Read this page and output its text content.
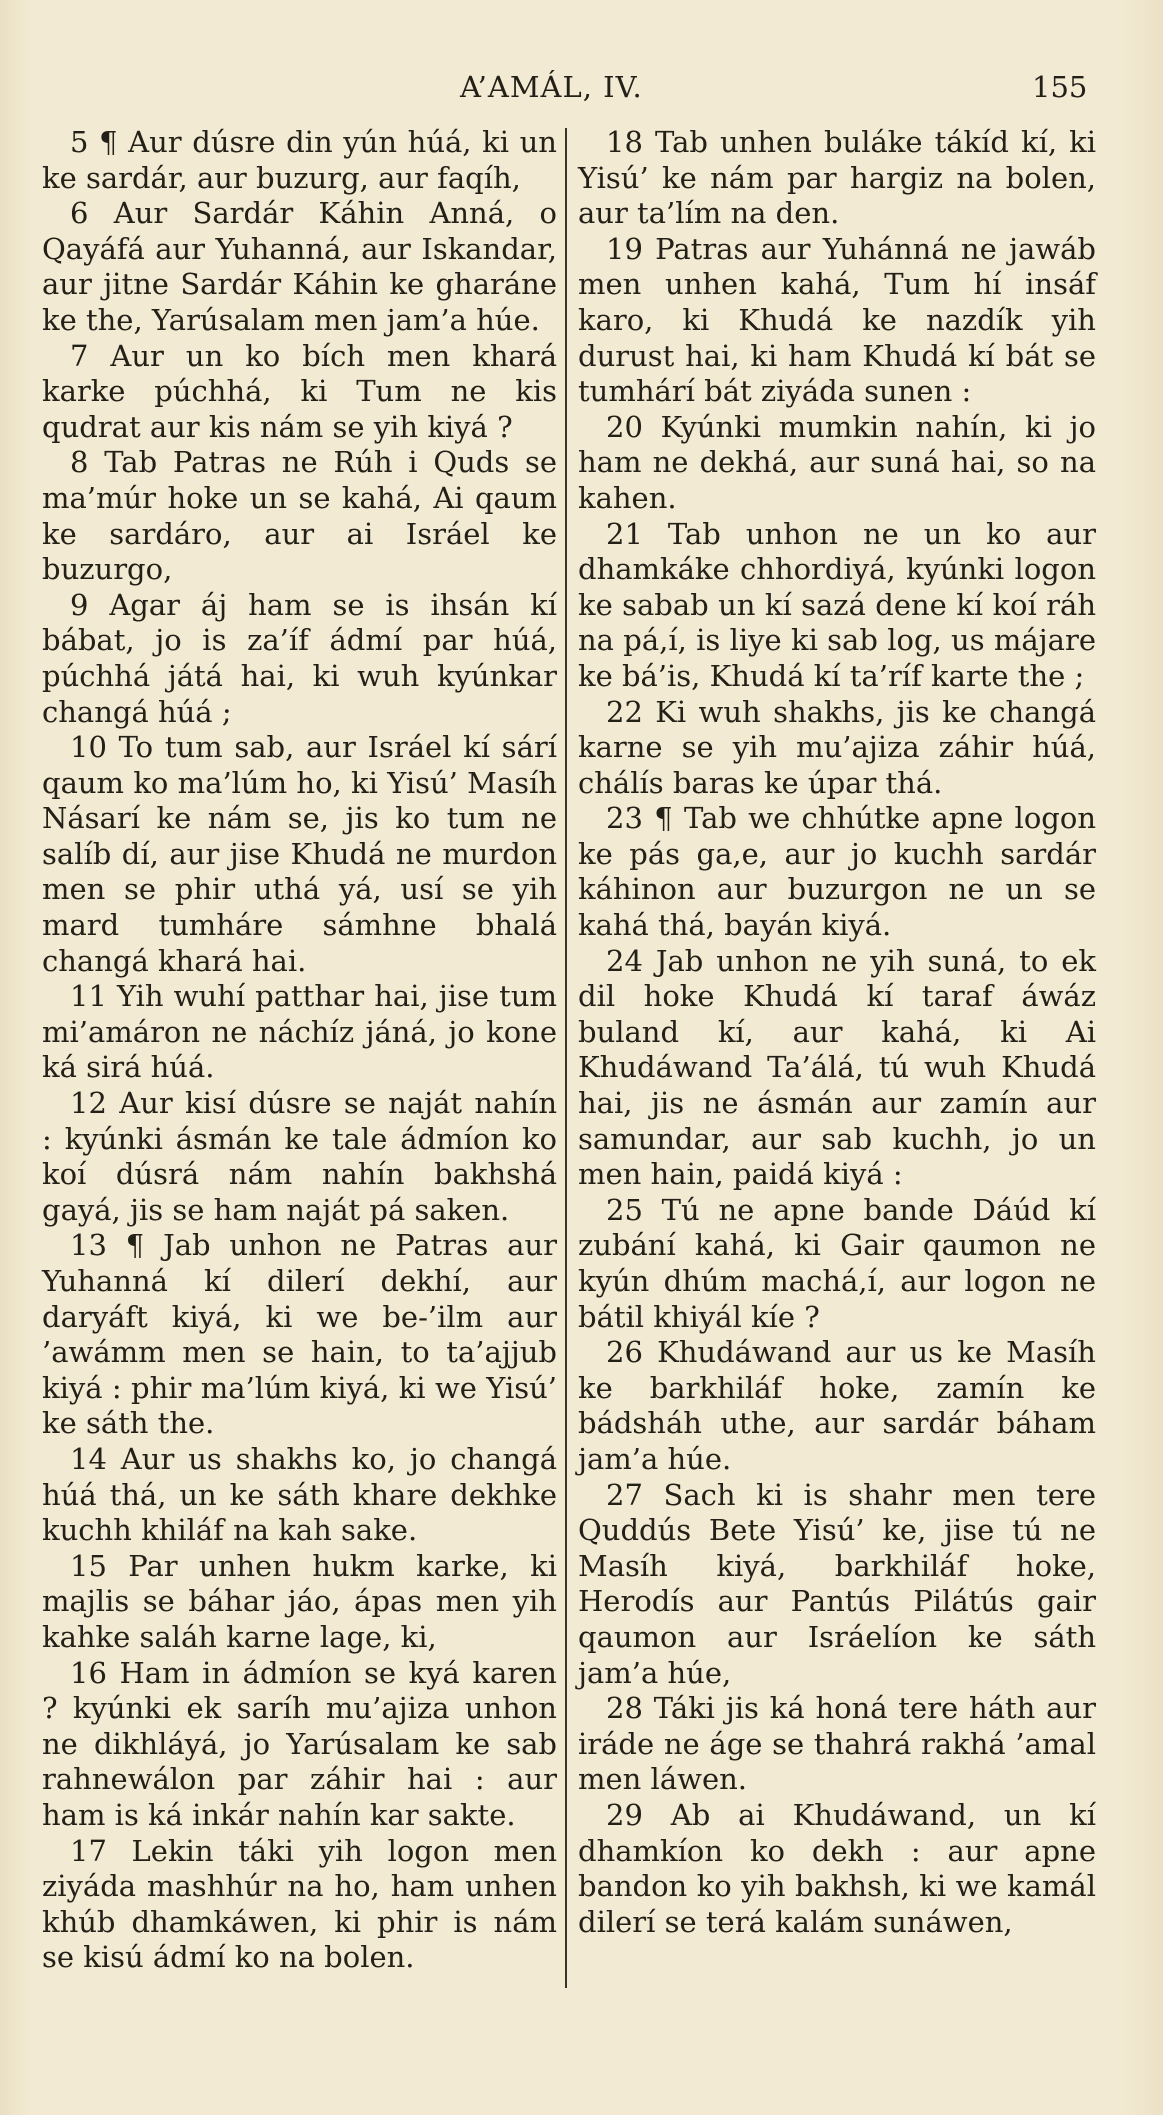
A’AMÁL, IV.	155

5 ¶ Aur dúsre din yún húá, ki un ke sardár, aur buzurg, aur faqíh,

6 Aur Sardár Káhin Anná, o Qayáfá aur Yuhanná, aur Iskandar, aur jitne Sardár Káhin ke gharáne ke the, Yarúsalam men jam’a húe.

7 Aur un ko bích men khará karke púchhá, ki Tum ne kis qudrat aur kis nám se yih kiyá ?

8 Tab Patras ne Rúh i Quds se ma’múr hoke un se kahá, Ai qaum ke sardáro, aur ai Isráel ke buzurgo,

9 Agar áj ham se is ihsán kí bábat, jo is za’íf ádmí par húá, púchhá játá hai, ki wuh kyúnkar changá húá ;

10 To tum sab, aur Isráel kí sárí qaum ko ma’lúm ho, ki Yisú’ Masíh Násarí ke nám se, jis ko tum ne salíb dí, aur jise Khudá ne murdon men se phir uthá yá, usí se yih mard tumháre sámhne bhalá changá khará hai.

11 Yih wuhí patthar hai, jise tum mi’amáron ne náchíz jáná, jo kone ká sirá húá.

12 Aur kisí dúsre se naját nahín : kyúnki ásmán ke tale ádmíon ko koí dúsrá nám nahín bakhshá gayá, jis se ham naját pá saken.

13 ¶ Jab unhon ne Patras aur Yuhanná kí dilerí dekhí, aur daryáft kiyá, ki we be-’ilm aur ’awámm men se hain, to ta’ajjub kiyá : phir ma’lúm kiyá, ki we Yisú’ ke sáth the.

14 Aur us shakhs ko, jo changá húá thá, un ke sáth khare dekhke kuchh khiláf na kah sake.

15 Par unhen hukm karke, ki majlis se báhar jáo, ápas men yih kahke saláh karne lage, ki,

16 Ham in ádmíon se kyá karen ? kyúnki ek saríh mu’ajiza unhon ne dikhláyá, jo Yarúsalam ke sab rahnewálon par záhir hai : aur ham is ká inkár nahín kar sakte.

17 Lekin táki yih logon men ziyáda mashhúr na ho, ham unhen khúb dhamkáwen, ki phir is nám se kisú ádmí ko na bolen.

18 Tab unhen buláke tákíd kí, ki Yisú’ ke nám par hargiz na bolen, aur ta’lím na den.

19 Patras aur Yuhánná ne jawáb men unhen kahá, Tum hí insáf karo, ki Khudá ke nazdík yih durust hai, ki ham Khudá kí bát se tumhárí bát ziyáda sunen :

20 Kyúnki mumkin nahín, ki jo ham ne dekhá, aur suná hai, so na kahen.

21 Tab unhon ne un ko aur dhamkáke chhordiyá, kyúnki logon ke sabab un kí sazá dene kí koí ráh na pá,í, is liye ki sab log, us májare ke bá’is, Khudá kí ta’ríf karte the ;

22 Ki wuh shakhs, jis ke changá karne se yih mu’ajiza záhir húá, chálís baras ke úpar thá.

23 ¶ Tab we chhútke apne logon ke pás ga,e, aur jo kuchh sardár káhinon aur buzurgon ne un se kahá thá, bayán kiyá.

24 Jab unhon ne yih suná, to ek dil hoke Khudá kí taraf áwáz buland kí, aur kahá, ki Ai Khudáwand Ta’álá, tú wuh Khudá hai, jis ne ásmán aur zamín aur samundar, aur sab kuchh, jo un men hain, paidá kiyá :

25 Tú ne apne bande Dáúd kí zubání kahá, ki Gair qaumon ne kyún dhúm machá,í, aur logon ne bátil khiyál kíe ?

26 Khudáwand aur us ke Masíh ke barkhiláf hoke, zamín ke bádsháh uthe, aur sardár báham jam’a húe.

27 Sach ki is shahr men tere Quddús Bete Yisú’ ke, jise tú ne Masíh kiyá, barkhiláf hoke, Herodís aur Pantús Pilátús gair qaumon aur Isráelíon ke sáth jam’a húe,

28 Táki jis ká honá tere háth aur iráde ne áge se thahrá rakhá ’amal men láwen.

29 Ab ai Khudáwand, un kí dhamkíon ko dekh : aur apne bandon ko yih bakhsh, ki we kamál dilerí se terá kalám sunáwen,
